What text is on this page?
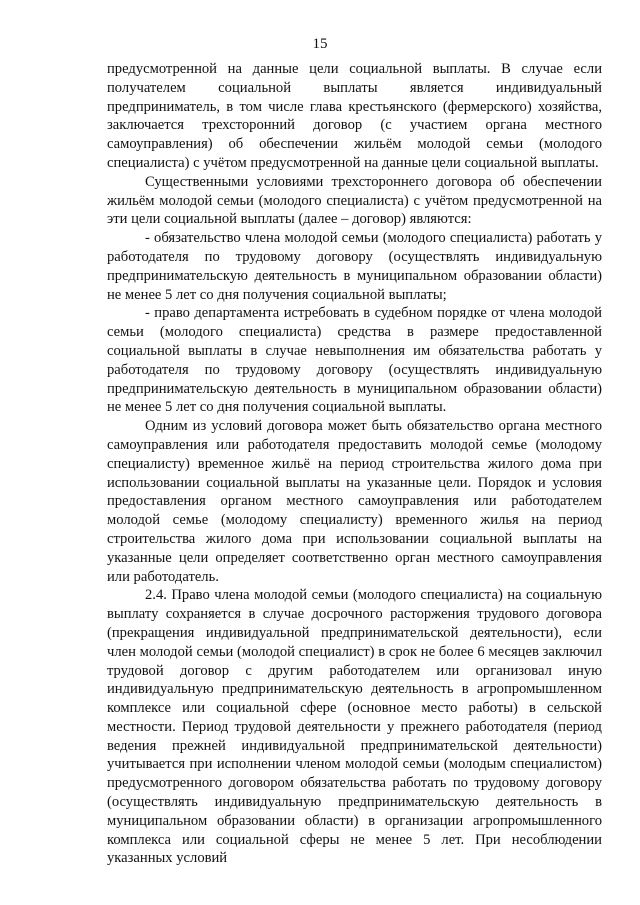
15

предусмотренной на данные цели социальной выплаты. В случае если получателем социальной выплаты является индивидуальный предприниматель, в том числе глава крестьянского (фермерского) хозяйства, заключается трехсторонний договор (с участием органа местного самоуправления) об обеспечении жильём молодой семьи (молодого специалиста) с учётом предусмотренной на данные цели социальной выплаты.

Существенными условиями трехстороннего договора об обеспечении жильём молодой семьи (молодого специалиста) с учётом предусмотренной на эти цели социальной выплаты (далее – договор) являются:

- обязательство члена молодой семьи (молодого специалиста) работать у работодателя по трудовому договору (осуществлять индивидуальную предпринимательскую деятельность в муниципальном образовании области) не менее 5 лет со дня получения социальной выплаты;

- право департамента истребовать в судебном порядке от члена молодой семьи (молодого специалиста) средства в размере предоставленной социальной выплаты в случае невыполнения им обязательства работать у работодателя по трудовому договору (осуществлять индивидуальную предпринимательскую деятельность в муниципальном образовании области) не менее 5 лет со дня получения социальной выплаты.

Одним из условий договора может быть обязательство органа местного самоуправления или работодателя предоставить молодой семье (молодому специалисту) временное жильё на период строительства жилого дома при использовании социальной выплаты на указанные цели. Порядок и условия предоставления органом местного самоуправления или работодателем молодой семье (молодому специалисту) временного жилья на период строительства жилого дома при использовании социальной выплаты на указанные цели определяет соответственно орган местного самоуправления или работодатель.

2.4. Право члена молодой семьи (молодого специалиста) на социальную выплату сохраняется в случае досрочного расторжения трудового договора (прекращения индивидуальной предпринимательской деятельности), если член молодой семьи (молодой специалист) в срок не более 6 месяцев заключил трудовой договор с другим работодателем или организовал иную индивидуальную предпринимательскую деятельность в агропромышленном комплексе или социальной сфере (основное место работы) в сельской местности. Период трудовой деятельности у прежнего работодателя (период ведения прежней индивидуальной предпринимательской деятельности) учитывается при исполнении членом молодой семьи (молодым специалистом) предусмотренного договором обязательства работать по трудовому договору (осуществлять индивидуальную предпринимательскую деятельность в муниципальном образовании области) в организации агропромышленного комплекса или социальной сферы не менее 5 лет. При несоблюдении указанных условий
